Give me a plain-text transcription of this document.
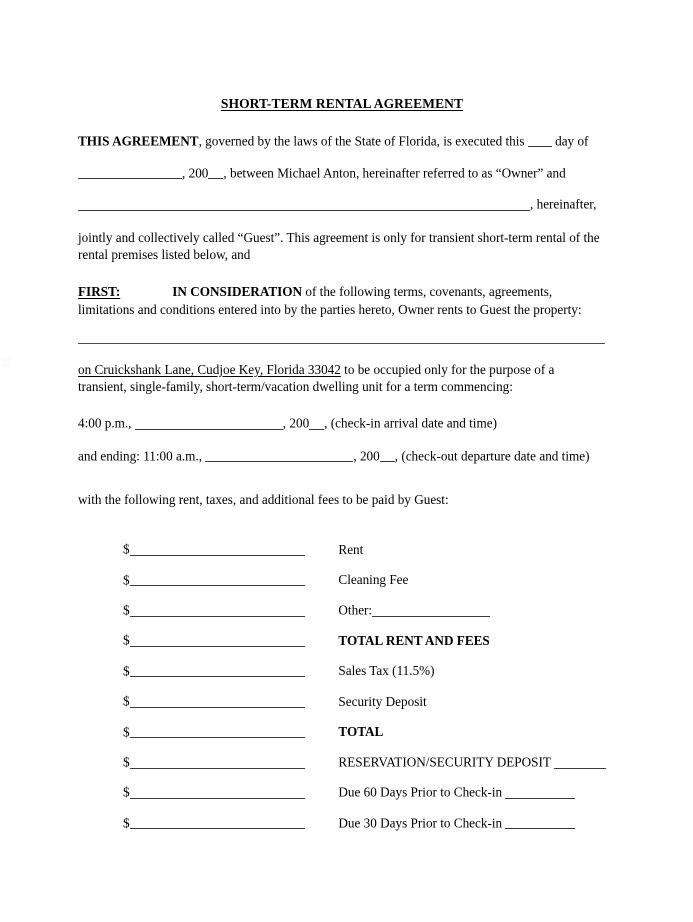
SHORT-TERM RENTAL AGREEMENT
THIS AGREEMENT, governed by the laws of the State of Florida, is executed this  day of
, 200 , between Michael Anton, hereinafter referred to as “Owner” and
, hereinafter,

jointly and collectively called “Guest”. This agreement is only for transient short-term rental of the rental premises listed below, and

FIRST:	IN CONSIDERATION of the following terms, covenants, agreements, limitations and conditions entered into by the parties hereto, Owner rents to Guest the property:

on Cruickshank Lane, Cudjoe Key, Florida 33042 to be occupied only for the purpose of a transient, single-family, short-term/vacation dwelling unit for a term commencing:

4:00 p.m.,	, 200 , (check-in arrival date and time)
and ending: 11:00 a.m.,	, 200 , (check-out departure date and time)

with the following rent, taxes, and additional fees to be paid by Guest:

$	Rent

$	Cleaning Fee

$	Other:

$	TOTAL RENT AND FEES

$	Sales Tax (11.5%)

$	Security Deposit

$	TOTAL

$	RESERVATION/SECURITY DEPOSIT

$	Due 60 Days Prior to Check-in

$	Due 30 Days Prior to Check-in
